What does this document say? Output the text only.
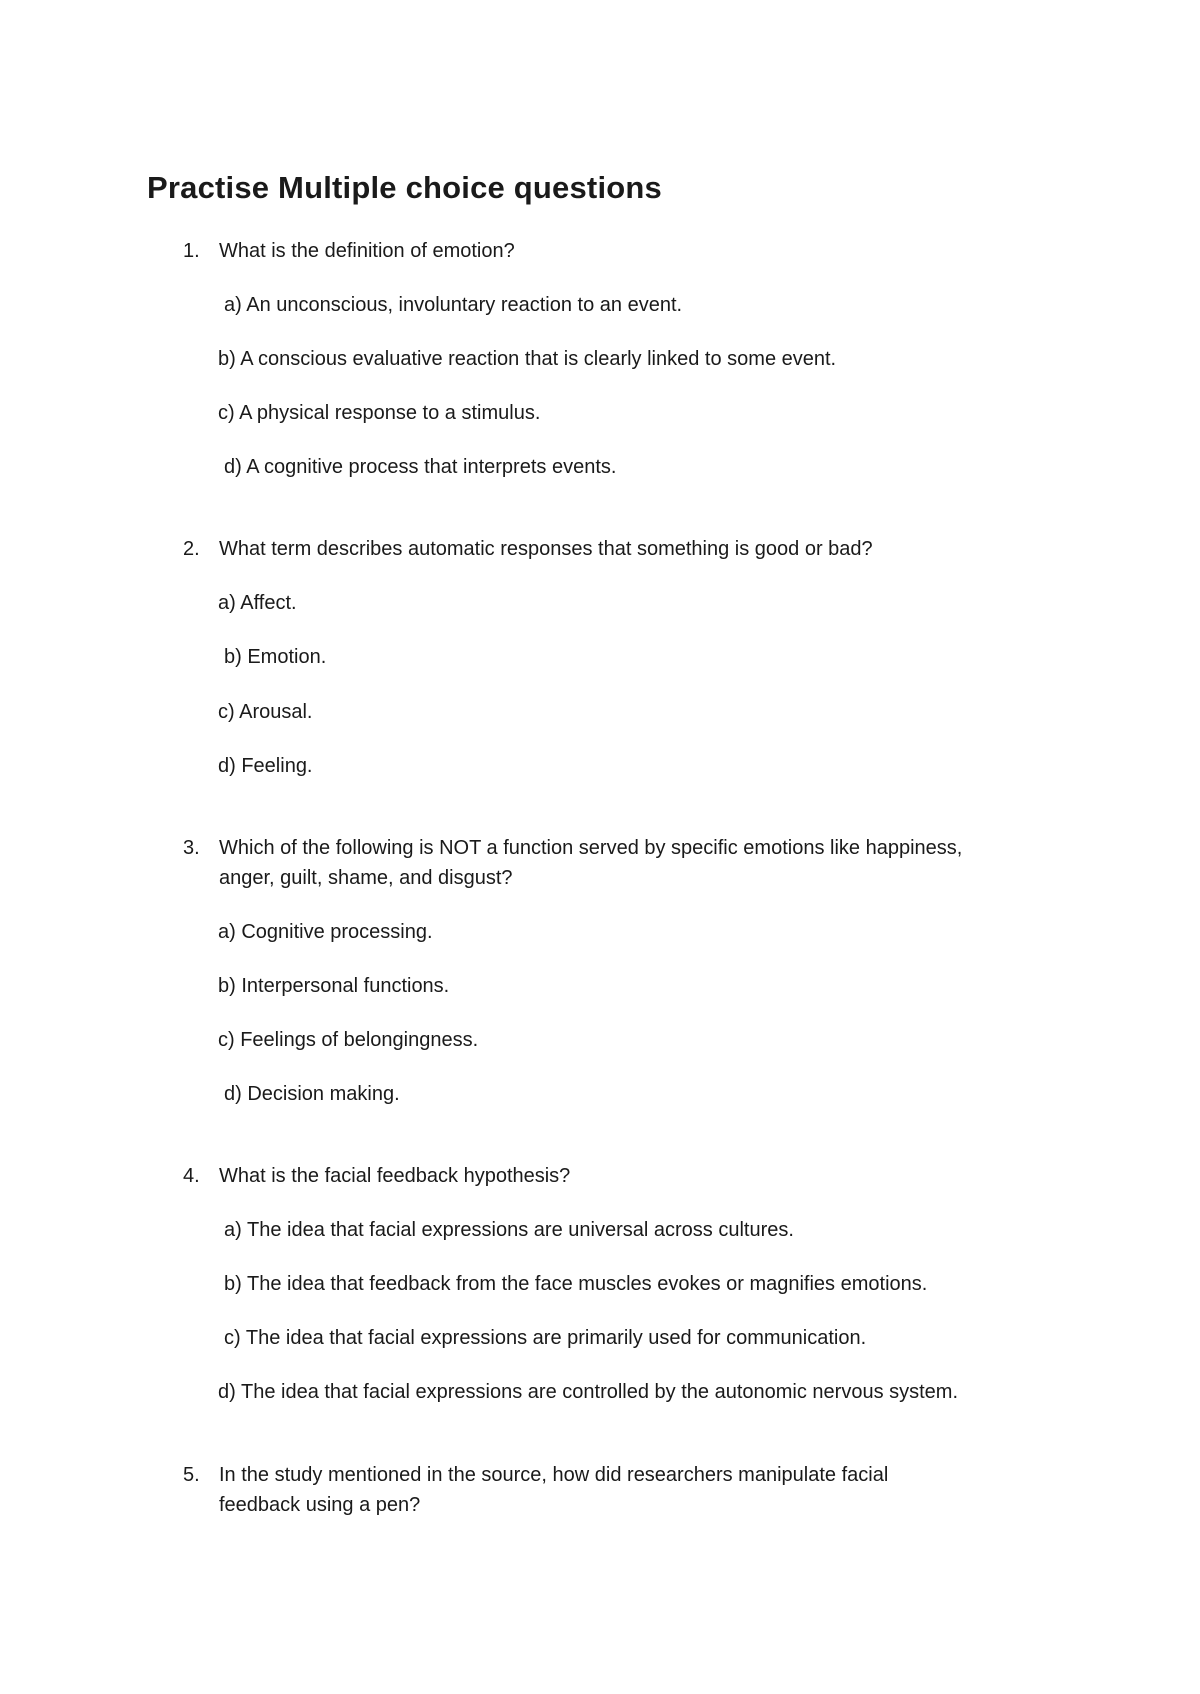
Practise Multiple choice questions
1. What is the definition of emotion?
a) An unconscious, involuntary reaction to an event.
b) A conscious evaluative reaction that is clearly linked to some event.
c) A physical response to a stimulus.
d) A cognitive process that interprets events.
2. What term describes automatic responses that something is good or bad?
a) Affect.
b) Emotion.
c) Arousal.
d) Feeling.
3. Which of the following is NOT a function served by specific emotions like happiness,
anger, guilt, shame, and disgust?
a) Cognitive processing.
b) Interpersonal functions.
c) Feelings of belongingness.
d) Decision making.
4. What is the facial feedback hypothesis?
a) The idea that facial expressions are universal across cultures.
b) The idea that feedback from the face muscles evokes or magnifies emotions.
c) The idea that facial expressions are primarily used for communication.
d) The idea that facial expressions are controlled by the autonomic nervous system.
5. In the study mentioned in the source, how did researchers manipulate facial
feedback using a pen?
